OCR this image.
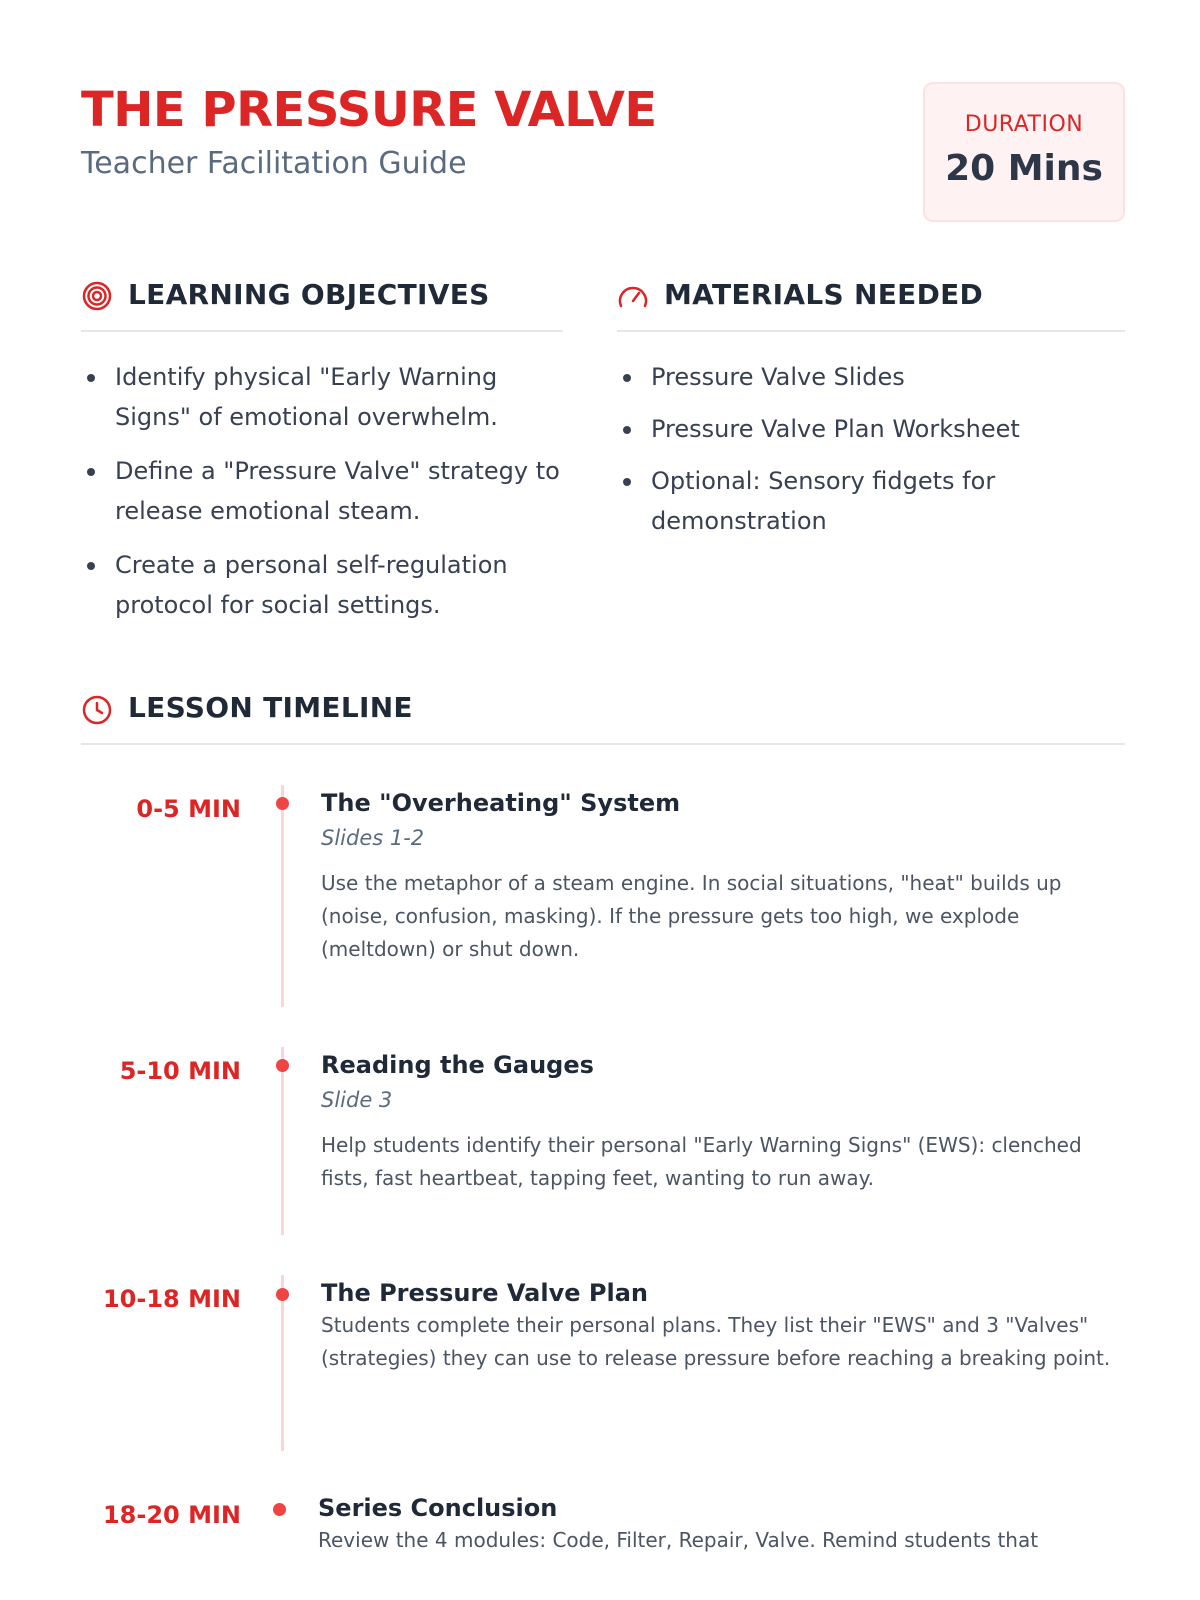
THE PRESSURE VALVE
Teacher Facilitation Guide
DURATION
20 Mins
LEARNING OBJECTIVES
Identify physical "Early Warning Signs" of emotional overwhelm.
Define a "Pressure Valve" strategy to release emotional steam.
Create a personal self-regulation protocol for social settings.
MATERIALS NEEDED
Pressure Valve Slides
Pressure Valve Plan Worksheet
Optional: Sensory fidgets for demonstration
LESSON TIMELINE
0-5 MIN	The "Overheating" System
Slides 1-2
Use the metaphor of a steam engine. In social situations, "heat" builds up (noise, confusion, masking). If the pressure gets too high, we explode (meltdown) or shut down.
5-10 MIN	Reading the Gauges
Slide 3
Help students identify their personal "Early Warning Signs" (EWS): clenched fists, fast heartbeat, tapping feet, wanting to run away.
10-18 MIN	The Pressure Valve Plan
Students complete their personal plans. They list their "EWS" and 3 "Valves" (strategies) they can use to release pressure before reaching a breaking point.
18-20 MIN	Series Conclusion
Review the 4 modules: Code, Filter, Repair, Valve. Remind students that
